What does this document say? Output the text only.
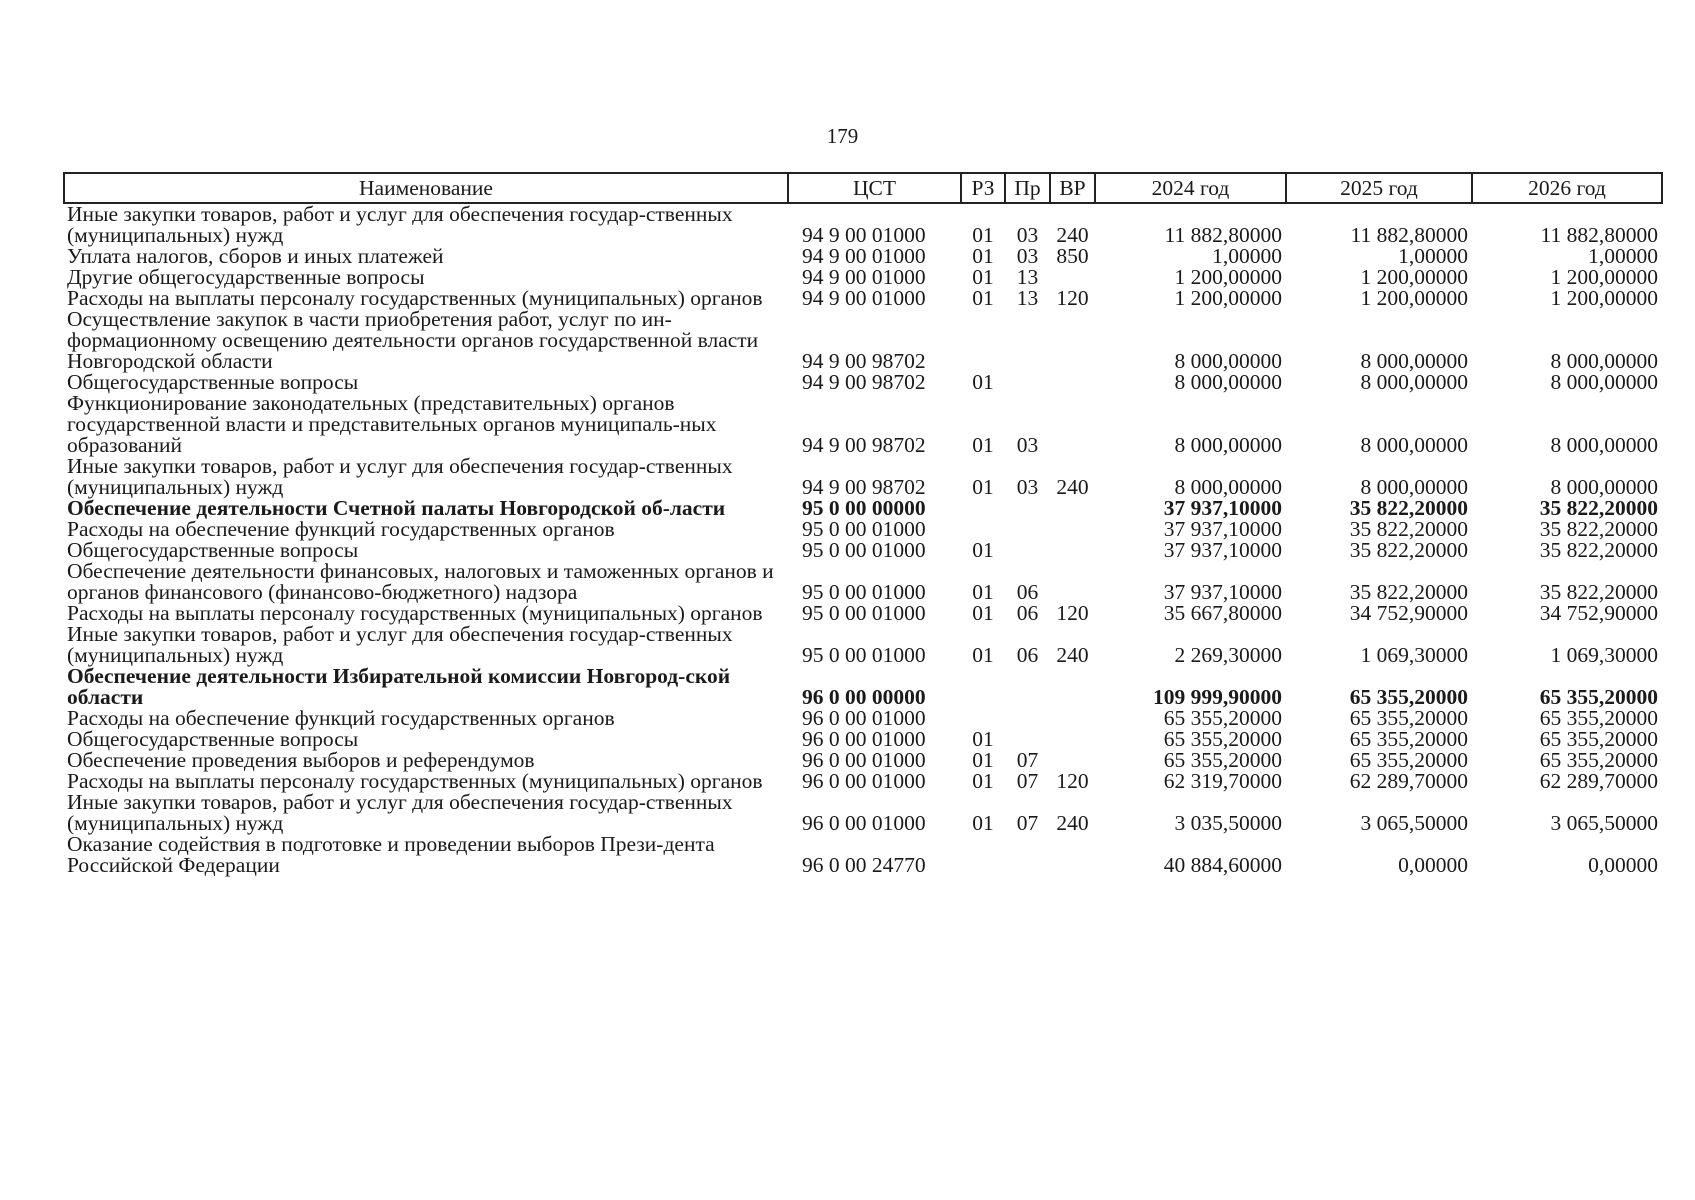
179
Наименование	ЦСТ	РЗ	Пр	ВР	2024 год	2025 год	2026 год
Иные закупки товаров, работ и услуг для обеспечения государ-ственных (муниципальных) нужд	94 9 00 01000	01	03	240	11 882,80000	11 882,80000	11 882,80000
Уплата налогов, сборов и иных платежей	94 9 00 01000	01	03	850	1,00000	1,00000	1,00000
Другие общегосударственные вопросы	94 9 00 01000	01	13		1 200,00000	1 200,00000	1 200,00000
Расходы на выплаты персоналу государственных (муниципальных) органов	94 9 00 01000	01	13	120	1 200,00000	1 200,00000	1 200,00000
Осуществление закупок в части приобретения работ, услуг по ин-формационному освещению деятельности органов государственной власти Новгородской области	94 9 00 98702				8 000,00000	8 000,00000	8 000,00000
Общегосударственные вопросы	94 9 00 98702	01			8 000,00000	8 000,00000	8 000,00000
Функционирование законодательных (представительных) органов государственной власти и представительных органов муниципаль-ных образований	94 9 00 98702	01	03		8 000,00000	8 000,00000	8 000,00000
Иные закупки товаров, работ и услуг для обеспечения государ-ственных (муниципальных) нужд	94 9 00 98702	01	03	240	8 000,00000	8 000,00000	8 000,00000
Обеспечение деятельности Счетной палаты Новгородской об-ласти	95 0 00 00000				37 937,10000	35 822,20000	35 822,20000
Расходы на обеспечение функций государственных органов	95 0 00 01000				37 937,10000	35 822,20000	35 822,20000
Общегосударственные вопросы	95 0 00 01000	01			37 937,10000	35 822,20000	35 822,20000
Обеспечение деятельности финансовых, налоговых и таможенных органов и органов финансового (финансово-бюджетного) надзора	95 0 00 01000	01	06		37 937,10000	35 822,20000	35 822,20000
Расходы на выплаты персоналу государственных (муниципальных) органов	95 0 00 01000	01	06	120	35 667,80000	34 752,90000	34 752,90000
Иные закупки товаров, работ и услуг для обеспечения государ-ственных (муниципальных) нужд	95 0 00 01000	01	06	240	2 269,30000	1 069,30000	1 069,30000
Обеспечение деятельности Избирательной комиссии Новгород-ской области	96 0 00 00000				109 999,90000	65 355,20000	65 355,20000
Расходы на обеспечение функций государственных органов	96 0 00 01000				65 355,20000	65 355,20000	65 355,20000
Общегосударственные вопросы	96 0 00 01000	01			65 355,20000	65 355,20000	65 355,20000
Обеспечение проведения выборов и референдумов	96 0 00 01000	01	07		65 355,20000	65 355,20000	65 355,20000
Расходы на выплаты персоналу государственных (муниципальных) органов	96 0 00 01000	01	07	120	62 319,70000	62 289,70000	62 289,70000
Иные закупки товаров, работ и услуг для обеспечения государ-ственных (муниципальных) нужд	96 0 00 01000	01	07	240	3 035,50000	3 065,50000	3 065,50000
Оказание содействия в подготовке и проведении выборов Прези-дента Российской Федерации	96 0 00 24770				40 884,60000	0,00000	0,00000
